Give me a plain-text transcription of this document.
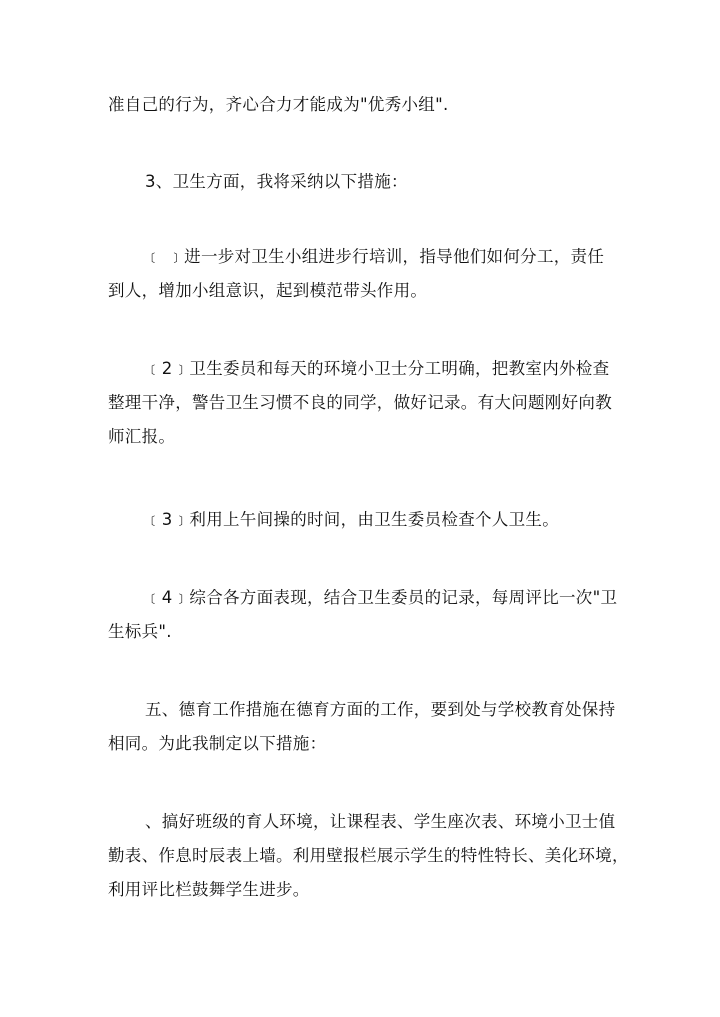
准自己的行为，齐心合力才能成为"优秀小组".

3、卫生方面，我将采纳以下措施：

﹝ ﹞进一步对卫生小组进步行培训，指导他们如何分工，责任
到人，增加小组意识，起到模范带头作用。

﹝2﹞卫生委员和每天的环境小卫士分工明确，把教室内外检查
整理干净，警告卫生习惯不良的同学，做好记录。有大问题刚好向教
师汇报。

﹝3﹞利用上午间操的时间，由卫生委员检查个人卫生。

﹝4﹞综合各方面表现，结合卫生委员的记录，每周评比一次"卫
生标兵".

五、德育工作措施在德育方面的工作，要到处与学校教育处保持
相同。为此我制定以下措施：

、搞好班级的育人环境，让课程表、学生座次表、环境小卫士值
勤表、作息时辰表上墙。利用壁报栏展示学生的特性特长、美化环境，
利用评比栏鼓舞学生进步。
